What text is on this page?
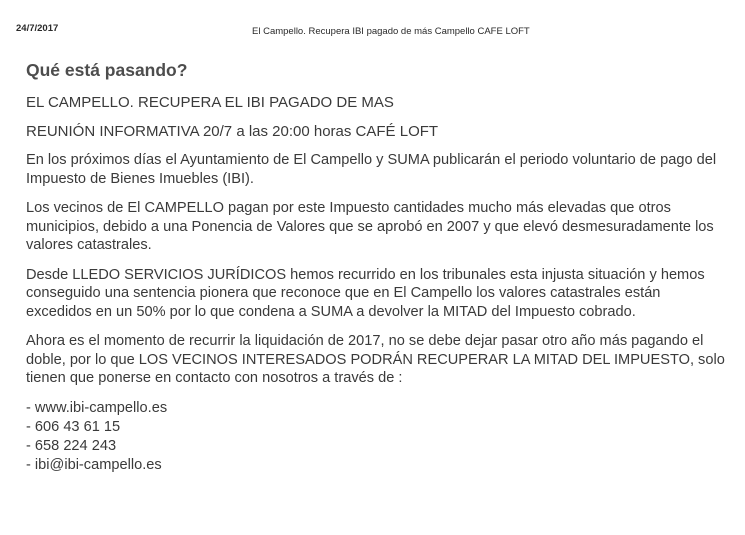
24/7/2017	El Campello. Recupera IBI pagado de más Campello CAFE LOFT
Qué está pasando?
EL CAMPELLO. RECUPERA EL IBI PAGADO DE MAS
REUNIÓN INFORMATIVA 20/7 a las 20:00 horas CAFÉ LOFT

En los próximos días el Ayuntamiento de El Campello y SUMA publicarán el periodo voluntario de pago del Impuesto de Bienes Imuebles (IBI).

Los vecinos de El CAMPELLO pagan por este Impuesto cantidades mucho más elevadas que otros municipios, debido a una Ponencia de Valores que se aprobó en 2007 y que elevó desmesuradamente los valores catastrales.

Desde LLEDO SERVICIOS JURÍDICOS hemos recurrido en los tribunales esta injusta situación y hemos conseguido una sentencia pionera que reconoce que en El Campello los valores catastrales están excedidos en un 50% por lo que condena a SUMA a devolver la MITAD del Impuesto cobrado.

Ahora es el momento de recurrir la liquidación de 2017, no se debe dejar pasar otro año más pagando el doble, por lo que LOS VECINOS INTERESADOS PODRÁN RECUPERAR LA MITAD DEL IMPUESTO, solo tienen que ponerse en contacto con nosotros a través de :

- www.ibi-campello.es
- 606 43 61 15
- 658 224 243
- ibi@ibi-campello.es
